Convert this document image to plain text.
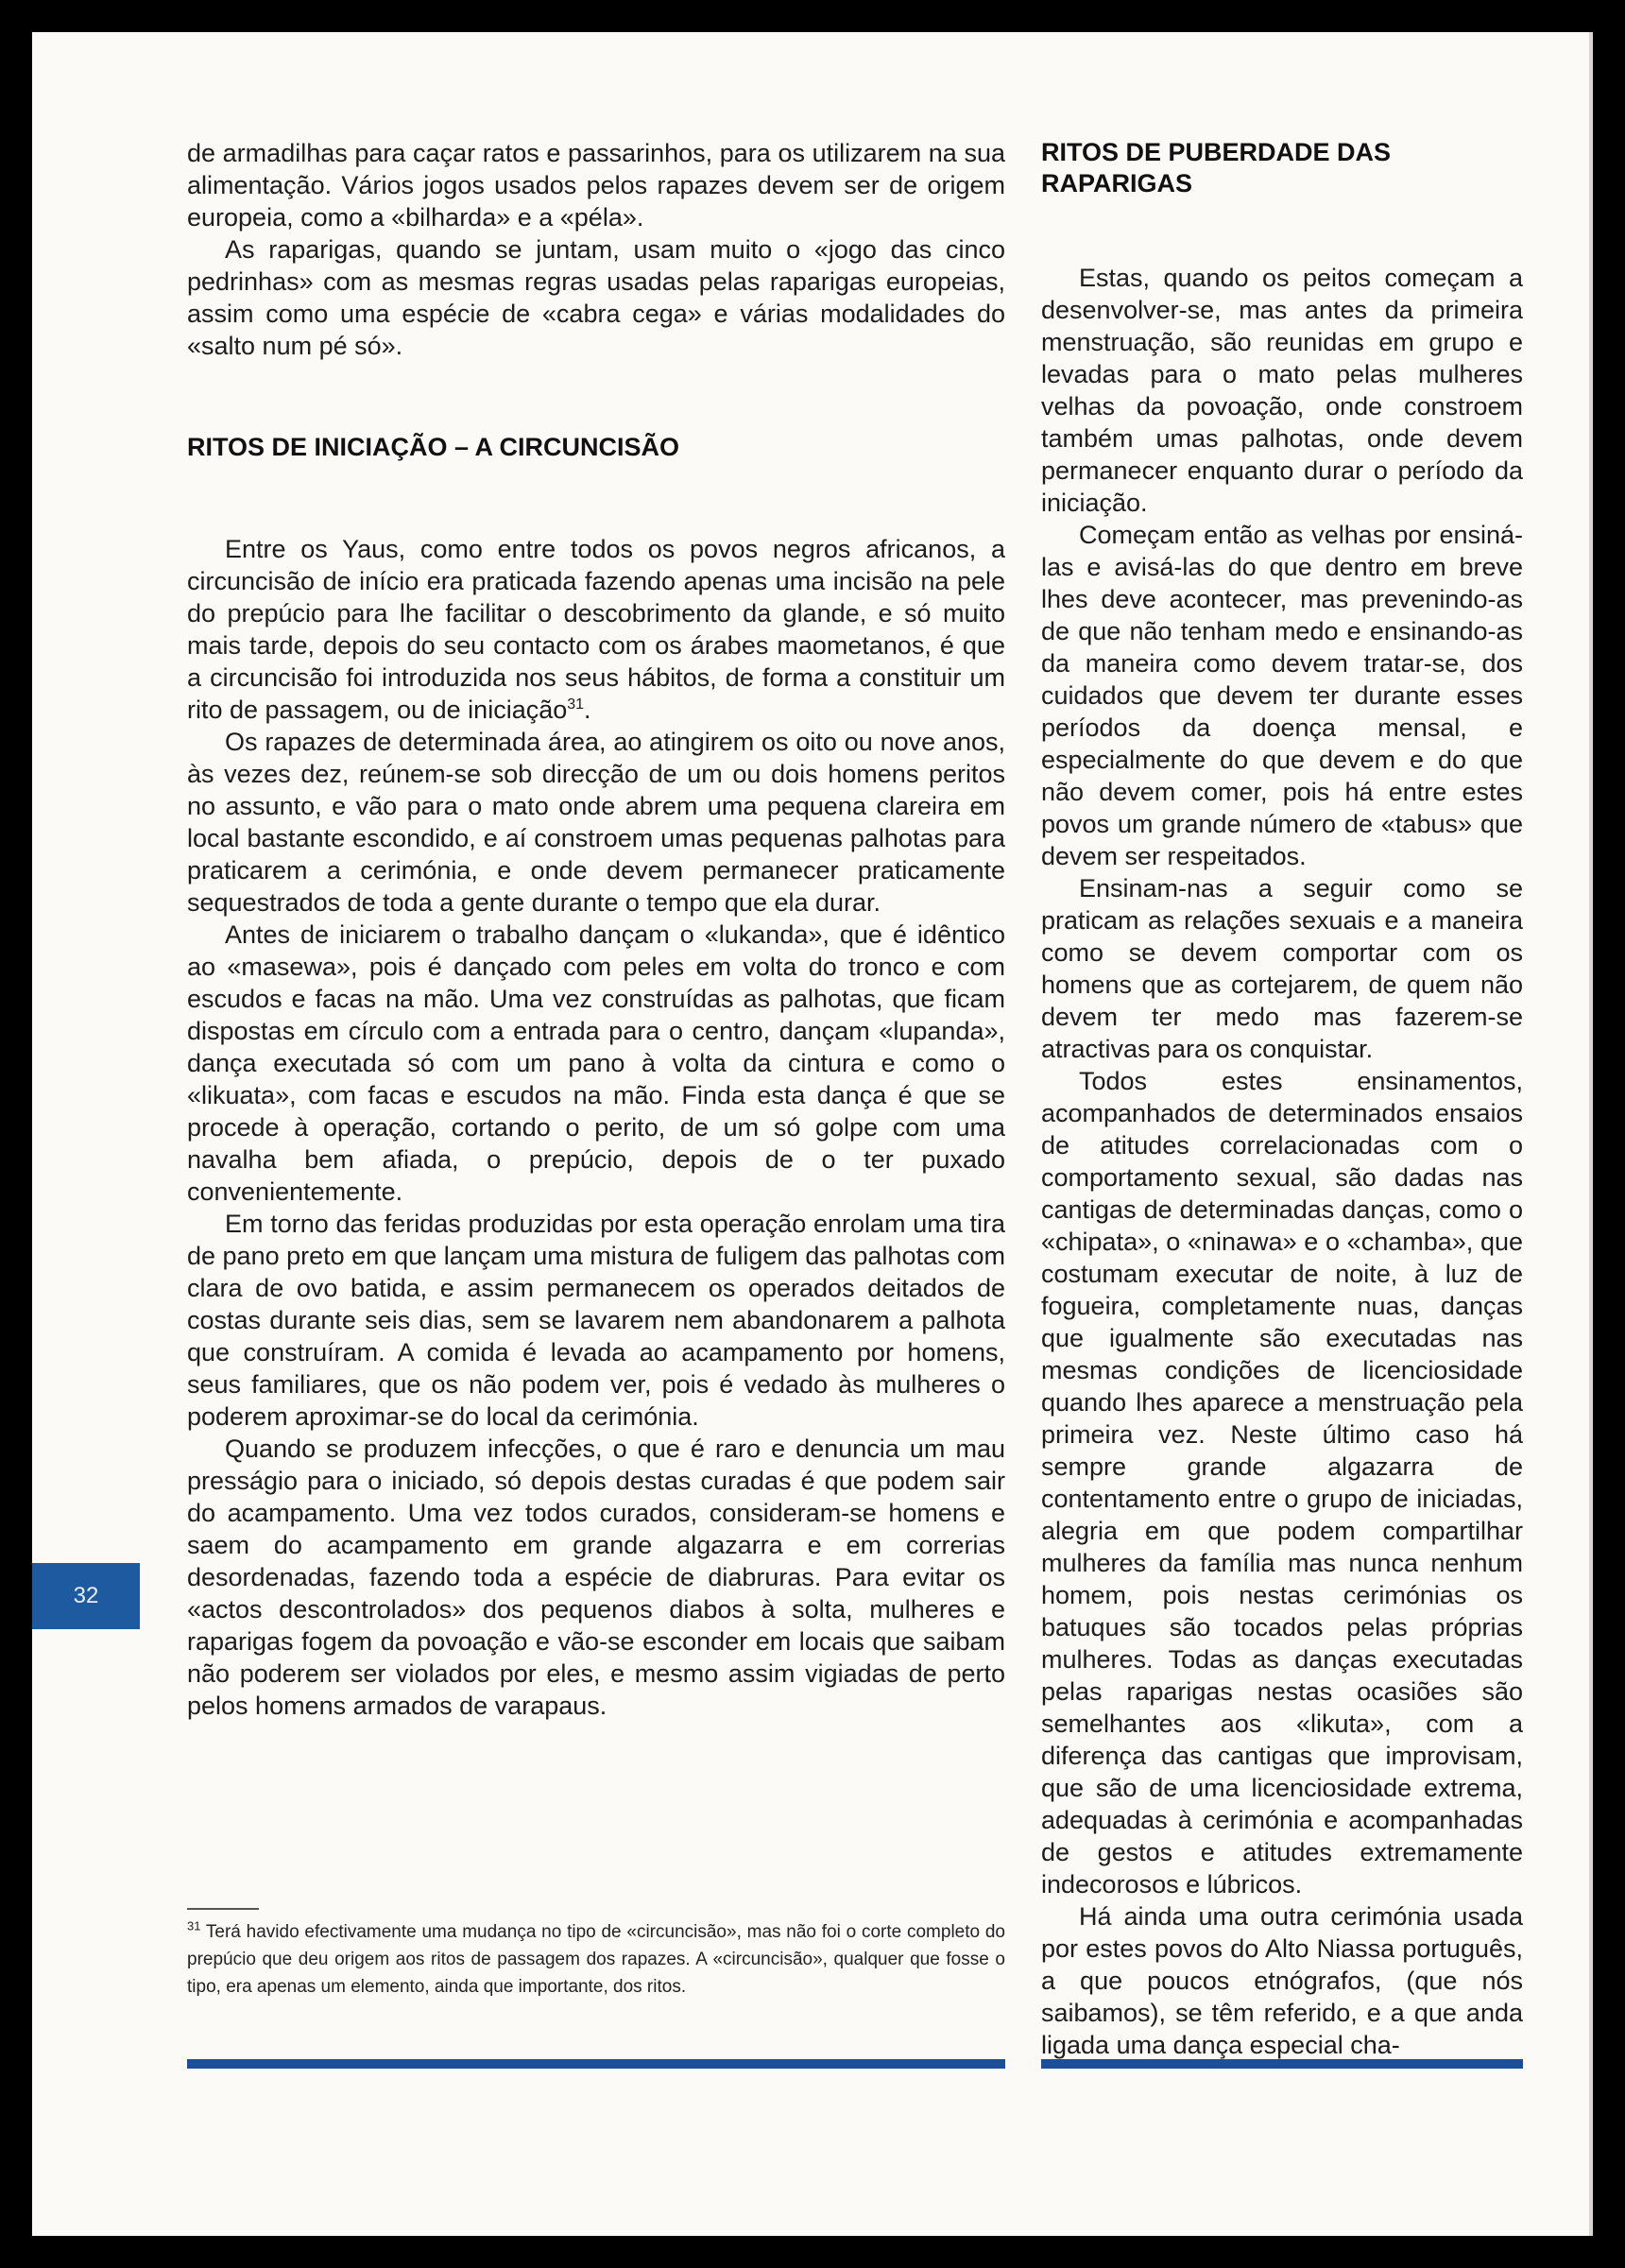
de armadilhas para caçar ratos e passarinhos, para os utilizarem na sua alimentação. Vários jogos usados pelos rapazes devem ser de origem europeia, como a «bilharda» e a «péla».

As raparigas, quando se juntam, usam muito o «jogo das cinco pedrinhas» com as mesmas regras usadas pelas raparigas europeias, assim como uma espécie de «cabra cega» e várias modalidades do «salto num pé só».

RITOS DE INICIAÇÃO – A CIRCUNCISÃO

Entre os Yaus, como entre todos os povos negros africanos, a circuncisão de início era praticada fazendo apenas uma incisão na pele do prepúcio para lhe facilitar o descobrimento da glande, e só muito mais tarde, depois do seu contacto com os árabes maometanos, é que a circuncisão foi introduzida nos seus hábitos, de forma a constituir um rito de passagem, ou de iniciação$^{31}$.

Os rapazes de determinada área, ao atingirem os oito ou nove anos, às vezes dez, reúnem-se sob direcção de um ou dois homens peritos no assunto, e vão para o mato onde abrem uma pequena clareira em local bastante escondido, e aí constroem umas pequenas palhotas para praticarem a cerimónia, e onde devem permanecer praticamente sequestrados de toda a gente durante o tempo que ela durar.

Antes de iniciarem o trabalho dançam o «lukanda», que é idêntico ao «masewa», pois é dançado com peles em volta do tronco e com escudos e facas na mão. Uma vez construídas as palhotas, que ficam dispostas em círculo com a entrada para o centro, dançam «lupanda», dança executada só com um pano à volta da cintura e como o «likuata», com facas e escudos na mão. Finda esta dança é que se procede à operação, cortando o perito, de um só golpe com uma navalha bem afiada, o prepúcio, depois de o ter puxado convenientemente.

Em torno das feridas produzidas por esta operação enrolam uma tira de pano preto em que lançam uma mistura de fuligem das palhotas com clara de ovo batida, e assim permanecem os operados deitados de costas durante seis dias, sem se lavarem nem abandonarem a palhota que construíram. A comida é levada ao acampamento por homens, seus familiares, que os não podem ver, pois é vedado às mulheres o poderem aproximar-se do local da cerimónia.

Quando se produzem infecções, o que é raro e denuncia um mau presságio para o iniciado, só depois destas curadas é que podem sair do acampamento. Uma vez todos curados, consideram-se homens e saem do acampamento em grande algazarra e em correrias desordenadas, fazendo toda a espécie de diabruras. Para evitar os «actos descontrolados» dos pequenos diabos à solta, mulheres e raparigas fogem da povoação e vão-se esconder em locais que saibam não poderem ser violados por eles, e mesmo assim vigiadas de perto pelos homens armados de varapaus.

RITOS DE PUBERDADE DAS RAPARIGAS

Estas, quando os peitos começam a desenvolver-se, mas antes da primeira menstruação, são reunidas em grupo e levadas para o mato pelas mulheres velhas da povoação, onde constroem também umas palhotas, onde devem permanecer enquanto durar o período da iniciação.

Começam então as velhas por ensiná-las e avisá-las do que dentro em breve lhes deve acontecer, mas prevenindo-as de que não tenham medo e ensinando-as da maneira como devem tratar-se, dos cuidados que devem ter durante esses períodos da doença mensal, e especialmente do que devem e do que não devem comer, pois há entre estes povos um grande número de «tabus» que devem ser respeitados.

Ensinam-nas a seguir como se praticam as relações sexuais e a maneira como se devem comportar com os homens que as cortejarem, de quem não devem ter medo mas fazerem-se atractivas para os conquistar.

Todos estes ensinamentos, acompanhados de determinados ensaios de atitudes correlacionadas com o comportamento sexual, são dadas nas cantigas de determinadas danças, como o «chipata», o «ninawa» e o «chamba», que costumam executar de noite, à luz de fogueira, completamente nuas, danças que igualmente são executadas nas mesmas condições de licenciosidade quando lhes aparece a menstruação pela primeira vez. Neste último caso há sempre grande algazarra de contentamento entre o grupo de iniciadas, alegria em que podem compartilhar mulheres da família mas nunca nenhum homem, pois nestas cerimónias os batuques são tocados pelas próprias mulheres. Todas as danças executadas pelas raparigas nestas ocasiões são semelhantes aos «likuta», com a diferença das cantigas que improvisam, que são de uma licenciosidade extrema, adequadas à cerimónia e acompanhadas de gestos e atitudes extremamente indecorosos e lúbricos.

Há ainda uma outra cerimónia usada por estes povos do Alto Niassa português, a que poucos etnógrafos, (que nós saibamos), se têm referido, e a que anda ligada uma dança especial cha-

32
$^{31}$ Terá havido efectivamente uma mudança no tipo de «circuncisão», mas não foi o corte completo do prepúcio que deu origem aos ritos de passagem dos rapazes. A «circuncisão», qualquer que fosse o tipo, era apenas um elemento, ainda que importante, dos ritos.
